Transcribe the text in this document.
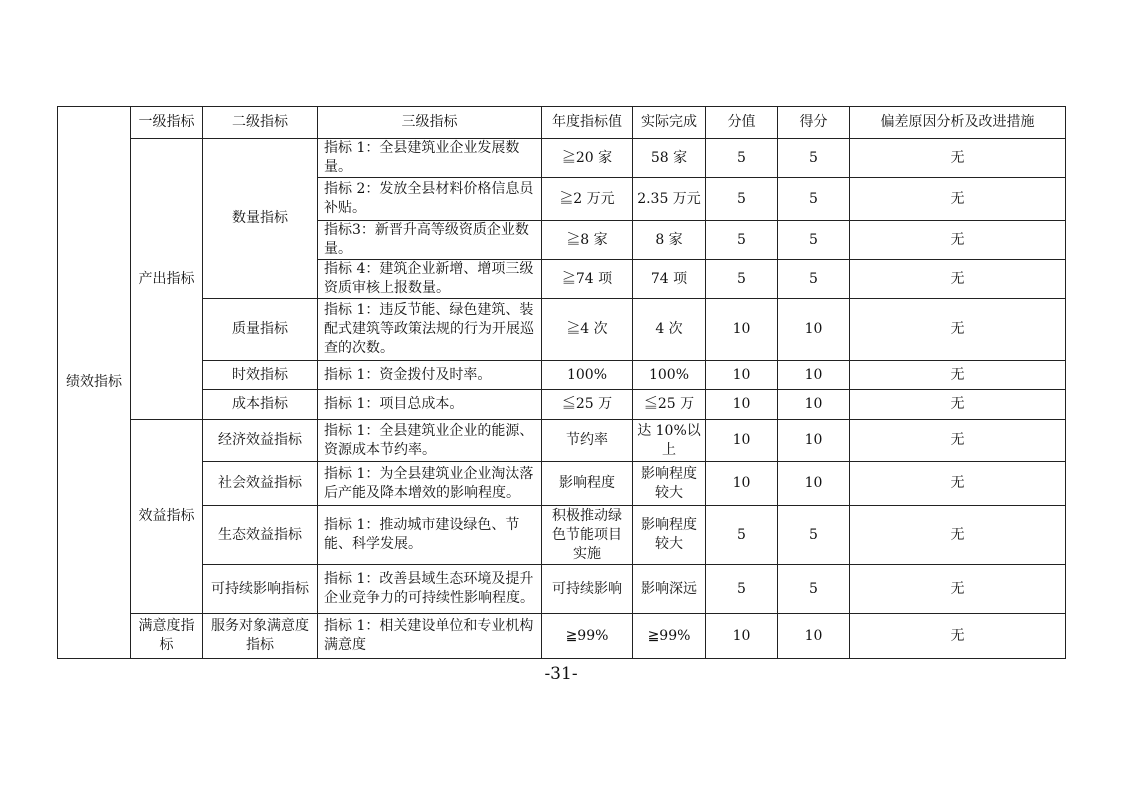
绩效指标	一级指标	二级指标	三级指标	年度指标值	实际完成	分值	得分	偏差原因分析及改进措施
	产出指标	数量指标	指标 1：全县建筑业企业发展数量。	≧20 家	58 家	5	5	无
			指标 2：发放全县材料价格信息员补贴。	≧2 万元	2.35 万元	5	5	无
			指标3：新晋升高等级资质企业数量。	≧8 家	8 家	5	5	无
			指标 4：建筑企业新增、增项三级资质审核上报数量。	≧74 项	74 项	5	5	无
		质量指标	指标 1：违反节能、绿色建筑、装配式建筑等政策法规的行为开展巡查的次数。	≧4 次	4 次	10	10	无
		时效指标	指标 1：资金拨付及时率。	100%	100%	10	10	无
		成本指标	指标 1：项目总成本。	≦25 万	≦25 万	10	10	无
	效益指标	经济效益指标	指标 1：全县建筑业企业的能源、资源成本节约率。	节约率	达 10%以上	10	10	无
		社会效益指标	指标 1：为全县建筑业企业淘汰落后产能及降本增效的影响程度。	影响程度	影响程度较大	10	10	无
		生态效益指标	指标 1：推动城市建设绿色、节能、科学发展。	积极推动绿色节能项目实施	影响程度较大	5	5	无
		可持续影响指标	指标 1：改善县域生态环境及提升企业竞争力的可持续性影响程度。	可持续影响	影响深远	5	5	无
	满意度指标	服务对象满意度指标	指标 1：相关建设单位和专业机构满意度	≧99%	≧99%	10	10	无
-31-
